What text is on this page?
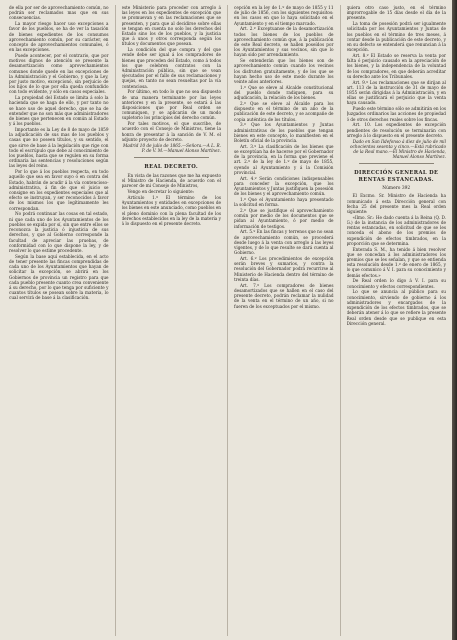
de ella por ser de aprovechamiento común, no podrán ser reclamados mas que en sus consecuencias.

La mayor riesgo hacer uso excepciones a favor de los pueblos, se ha de ver la tasación de bienes expedientes de los consumos aprovechamiento común, por su carácter, en concepto de aprovechamientos comunales, ó en las excepciones.

Puede acontecer, por el contrario, que por motivos dignos de atención se presente la desamortización como aprovechamientos comunes donde quede en las excepciones de la Administración y el Gobierno, y que la Ley, por justo motivo, excepcionó, sin perjuicio de los hijos de lo que por ella queda confundido con todo evidente, y sólo en casos especiales.

La propiedad del Estado se limita á solo la hacienda que se haga de ello, y por tanto no se hace uso de aquel derecho, que se ha de entender que no son más que administradores de bienes que pertenecen en común al Estado y á los pueblos.

Importante es la Ley de 8 de mayo de 1859 la adjudicación de sus mas de los pueblos y casas que no poseen títulos, y su sentido, el que sirve de base á la legislación que rige con todo el escrúpulo que debe al conocimiento de los pueblos, hasta que se regulen en su forma ordinaria las sentencias y resoluciones según las leyes del reino.

Por lo que á los pueblos respecta, en todo aquello que sea en favor suyo ó en contra del Estado, habrán de acudir á la vía contencioso-administrativa, á fin de que el juicio se consigne en los expedientes especiales que al efecto se instruyan, y ser reconocidos á favor de los mismos los que legítimamente les correspondan.

No podrá continuar las cosas en tal estado, ni que cada uno de los Ayuntamientos de los pueblos se expida por sí, sin que entre ellos se reconozca la justicia ó injusticia de sus derechos, y que al Gobierno corresponde la facultad de apreciar las pruebas, de conformidad con lo que dispone la ley, y de resolver lo que estime procedente.

Según la base aquí establecida, en el acto de tener presente las fincas comprendidas de cada uno de los Ayuntamientos que hayan de solicitar la excepción, se abrirá en los Gobiernos de provincia un registro para que cada pueblo presente cuanto crea conveniente á su derecho, por lo que tenga por suficiente y cuantos títulos se posean sobre la materia, lo cual servirá de base á la clasificación.

este Ministerio para proceder con arreglo á las leyes en los expedientes de excepción que se promuevan y en las reclamaciones que se presenten, y para que al decidirse sobre ellas se tengan en cuenta no solo los derechos del Estado sino los de los pueblos, y la justicia que á unos y otros corresponda según los títulos y documentos que posean.

La condición del que compra y del que vende debe ser igual á los compradores de bienes que proceden del Estado, como á todos los que celebren contratos con la Administración pública, sin que se vean ejecutados por el fallo de sus reclamaciones y quejas, en tanto no sean resueltas por la vía contenciosa.

Por último, en todo lo que no sea dispuesto de una manera terminante por las leyes anteriores y en la presente, se estará á las disposiciones que por Real orden se comuniquen, y se aplicarán de un modo supletorio los principios del derecho común.

Por tales motivos, el que suscribe, de acuerdo con el Consejo de Ministros, tiene la honra de presentar á la sanción de V. M. el adjunto proyecto de decreto.

Madrid 10 de julio de 1865.—Señora.—A L. R. P. de V. M.—Manuel Alonso Martínez.

REAL DECRETO.

En vista de las razones que me ha expuesto el Ministro de Hacienda, de acuerdo con el parecer de mi Consejo de Ministros,

Vengo en decretar lo siguiente:

Artículo 1.º El término de los Ayuntamientos y entidades en excepciones de los bienes en este anunciado, como pueblos en el pleno dominio con la plena facultad de los derechos establecidos en la ley de la materia y á lo dispuesto en el presente decreto.

cepción en la ley de 1.º de mayo de 1855 y 11 de julio de 1856, con los siguientes requisitos: en los casos en que lo haya solicitado en el Ayuntamiento y en el tiempo marcado.

Art. 2.º Exceptuanse de la desamortización todos los bienes de los pueblos de aprovechamiento común que, á la publicación de este Real decreto, se hallen poseídos por los Ayuntamientos y sus vecinos, sin que lo hayan sido por arrendamiento.

Se entenderán que los bienes son de aprovechamiento común cuando los vecinos los disfruten gratuitamente, y de los que se hayan hecho uso de este modo durante los veinte años anteriores.

1.º Que se eleve al Alcalde constitucional del pueblo donde radiquen, para su adjudicación, la relación de los bienes.

2.º Que se eleve al Alcalde para los dispuesto en el término de un año de la publicación de este decreto, y se acompañe de copia auténtica de los títulos.

3.º Que los Ayuntamientos y Juntas administrativas de los pueblos que tengan bienes en este concepto, lo manifiesten en el Boletín oficial de la provincia.

Art. 3.º La clasificación de los bienes que se exceptúan ha de hacerse por el Gobernador de la provincia, en la forma que previene el art. 2.º de la ley de 1.º de mayo de 1855, oyendo al Ayuntamiento y á la Comisión provincial.

Art. 4.º Serán condiciones indispensables para conceder la excepción, que los Ayuntamientos y Juntas justifiquen la posesión de los bienes y el aprovechamiento común.

1.º Que el Ayuntamiento haya presentado la solicitud en forma.

2.º Que se justifique el aprovechamiento común por medio de los documentos que se pidan al Ayuntamiento, ó por medio de información de testigos.

Art. 5.º En las fincas y terrenos que no sean de aprovechamiento común, se procederá desde luego á la venta con arreglo á las leyes vigentes, y de lo que resulte se dará cuenta al Gobierno.

Art. 6.º Los procedimientos de excepción serán breves y sumarios, y contra la resolución del Gobernador podrá recurrirse al Ministerio de Hacienda dentro del término de treinta días.

Art. 7.º Los compradores de bienes desamortizados que se hallen en el caso del presente decreto, podrán reclamar la nulidad de la venta en el término de un año, si no fueren de los exceptuados por el mismo.

quiera otro caso justo, en el término improrrogable de 15 días desde el día de la presente.

La toma de posesión podrá ser igualmente solicitada por los Ayuntamientos y Juntas de los pueblos en el término de tres meses, á contar desde la publicación de este decreto, y en su defecto se entenderá que renuncian á la excepción.

Art. 8.º El Estado se reserva la venta por falta ó perjuicio causado en la apreciación de los bienes, y la independencia de la voluntad de los compradores, en que deberán acreditar su derecho ante los Tribunales.

Art. 9.º Los reclamaciones que se dirijan al art. 113 de la instrucción de 31 de mayo de 1855 serán dirigidas á la Administración, y en ellas se justificará el perjuicio que la venta haya causado.

Puedo este término sólo se admitirán en los Juzgados ordinarios las acciones de propiedad ó de otros derechos reales sobre los fincas.

Art. 10. Los expedientes de excepción pendientes de resolución se terminarán con arreglo á lo dispuesto en el presente decreto.

Dado en San Ildefonso á diez de julio de mil ochocientos sesenta y cinco.—Está rubricado de la Real mano.—El Ministro de Hacienda, Manuel Alonso Martínez.

DIRECCIÓN GENERAL DE RENTAS ESTANCADAS.
Número 392

El Excmo. Sr. Ministro de Hacienda ha comunicado á esta Dirección general con fecha 25 del presente mes la Real orden siguiente:

«Ilmo. Sr.: He dado cuenta á la Reina (Q. D. G.) de la instancia de los administradores de rentas estancadas, en solicitud de que se les conceda el abono de los premios de expendición de efectos timbrados, en la proporción que se determina.

Enterada S. M., ha tenido á bien resolver que se concedan á los administradores los premios que se les señalan, y que se entienda esta resolución desde 1.º de enero de 1865, y lo que comunico á V. I. para su conocimiento y demás efectos.»

De Real orden lo digo á V. I. para su conocimiento y efectos correspondientes.

Lo que se anuncia al público para su conocimiento, sirviendo de gobierno á los administradores y encargados de la expendición de los efectos timbrados, que se deberán atener á lo que se refiere la presente Real orden desde que se publique en esta Dirección general.
